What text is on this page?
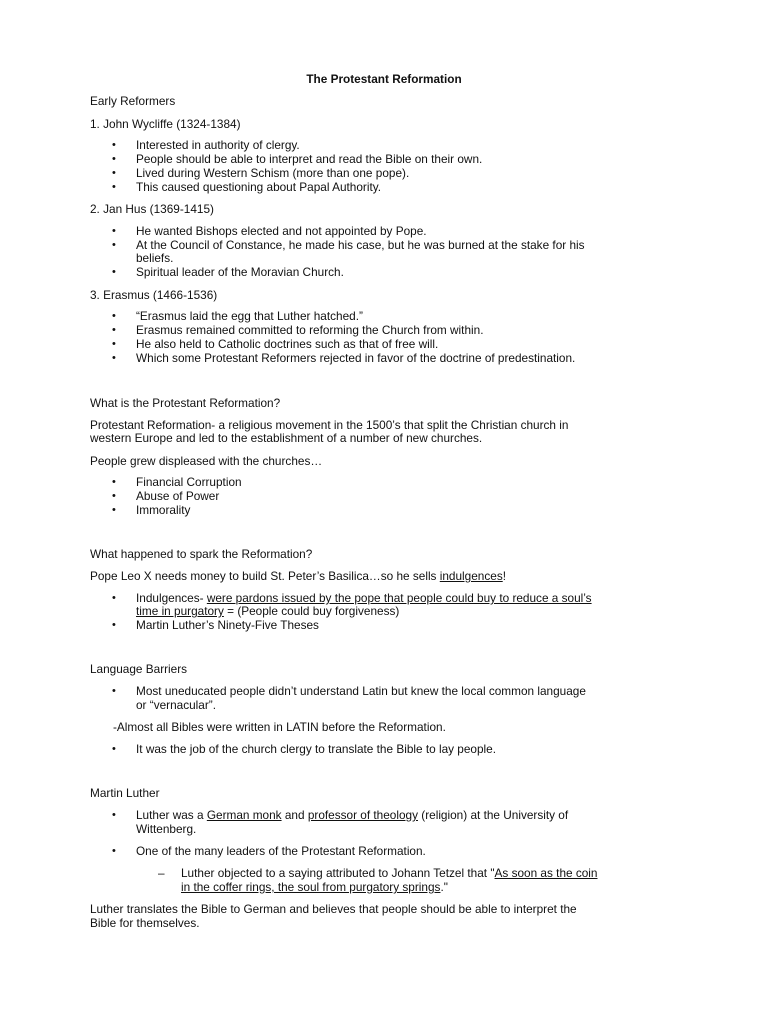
The Protestant Reformation
Early Reformers
1. John Wycliffe (1324-1384)
• Interested in authority of clergy.
• People should be able to interpret and read the Bible on their own.
• Lived during Western Schism (more than one pope).
• This caused questioning about Papal Authority.
2. Jan Hus (1369-1415)
• He wanted Bishops elected and not appointed by Pope.
• At the Council of Constance, he made his case, but he was burned at the stake for his
beliefs.
• Spiritual leader of the Moravian Church.
3. Erasmus (1466-1536)
• “Erasmus laid the egg that Luther hatched.”
• Erasmus remained committed to reforming the Church from within.
• He also held to Catholic doctrines such as that of free will.
• Which some Protestant Reformers rejected in favor of the doctrine of predestination.
What is the Protestant Reformation?
Protestant Reformation- a religious movement in the 1500’s that split the Christian church in
western Europe and led to the establishment of a number of new churches.
People grew displeased with the churches…
• Financial Corruption
• Abuse of Power
• Immorality
What happened to spark the Reformation?
Pope Leo X needs money to build St. Peter’s Basilica…so he sells indulgences!
• Indulgences- were pardons issued by the pope that people could buy to reduce a soul’s
time in purgatory = (People could buy forgiveness)
• Martin Luther’s Ninety-Five Theses
Language Barriers
• Most uneducated people didn’t understand Latin but knew the local common language
or “vernacular”.
-Almost all Bibles were written in LATIN before the Reformation.
• It was the job of the church clergy to translate the Bible to lay people.
Martin Luther
• Luther was a German monk and professor of theology (religion) at the University of
Wittenberg.
• One of the many leaders of the Protestant Reformation.
– Luther objected to a saying attributed to Johann Tetzel that "As soon as the coin
in the coffer rings, the soul from purgatory springs."
Luther translates the Bible to German and believes that people should be able to interpret the
Bible for themselves.
